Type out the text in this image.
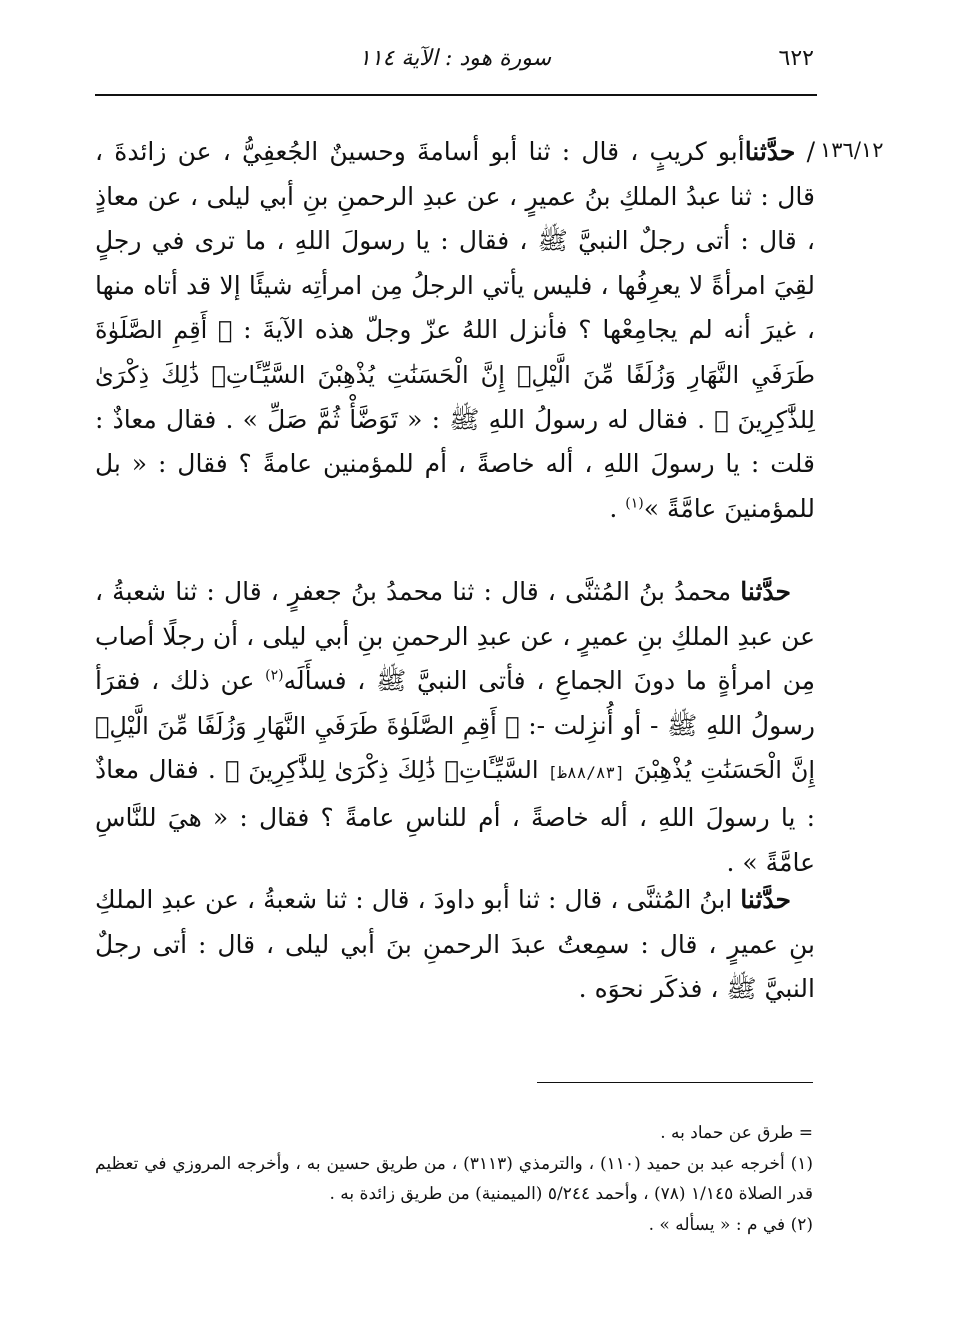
٦٢٢
سورة هود : الآية ١١٤
١٣٦/١٢

/ حدَّثناأبو كريبٍ ، قال : ثنا أبو أسامةَ وحسينٌ الجُعفِيُّ ، عن زائدةَ ، قال : ثنا عبدُ الملكِ بنُ عميرٍ ، عن عبدِ الرحمنِ بنِ أبي ليلى ، عن معاذٍ ، قال : أتى رجلٌ النبيَّ ﷺ ، فقال : يا رسولَ اللهِ ، ما ترى في رجلٍ لقِيَ امرأةً لا يعرِفُها ، فليس يأتي الرجلُ مِن امرأتِه شيئًا إلا قد أتاه منها ، غيرَ أنه لم يجامِعْها ؟ فأنزل اللهُ عزّ وجلّ هذه الآيةَ : ﴿ أَقِمِ الصَّلَوٰةَ طَرَفَيِ النَّهَارِ وَزُلَفًا مِّنَ الَّيْلِۚ إِنَّ الْحَسَنَٰتِ يُذْهِبْنَ السَّيِّـَٔاتِۚ ذَٰلِكَ ذِكْرَىٰ لِلذَّٰكِرِينَ ﴾ . فقال له رسولُ اللهِ ﷺ : « تَوَضَّأْ ثُمَّ صَلِّ » . فقال معاذٌ : قلت : يا رسولَ اللهِ ، أله خاصةً ، أم للمؤمنين عامةً ؟ فقال : « بل للمؤمنينَ عامَّةً »$^{(١)}$ .

حدَّثنا محمدُ بنُ المُثنَّى ، قال : ثنا محمدُ بنُ جعفرٍ ، قال : ثنا شعبةُ ، عن عبدِ الملكِ بنِ عميرٍ ، عن عبدِ الرحمنِ بنِ أبي ليلى ، أن رجلًا أصاب مِن امرأةٍ ما دونَ الجماعِ ، فأتى النبيَّ ﷺ ، فسأَلَه$^{(٢)}$ عن ذلك ، فقرَأ رسولُ اللهِ ﷺ - أو أُنزِلت -: ﴿ أَقِمِ الصَّلَوٰةَ طَرَفَيِ النَّهَارِ وَزُلَفًا مِّنَ الَّيْلِۚ إِنَّ الْحَسَنَٰتِ يُذْهِبْنَ [٨٨/٨٣ظ] السَّيِّـَٔاتِۚ ذَٰلِكَ ذِكْرَىٰ لِلذَّٰكِرِينَ ﴾ . فقال معاذٌ : يا رسولَ اللهِ ، أله خاصةً ، أم للناسِ عامةً ؟ فقال : « هيَ للنَّاسِ عامَّةً » .

حدَّثنا ابنُ المُثنَّى ، قال : ثنا أبو داودَ ، قال : ثنا شعبةُ ، عن عبدِ الملكِ بنِ عميرٍ ، قال : سمِعتُ عبدَ الرحمنِ بنَ أبي ليلى ، قال : أتى رجلٌ النبيَّ ﷺ ، فذكَر نحوَه .

= طرق عن حماد به .

(١) أخرجه عبد بن حميد (١١٠) ، والترمذي (٣١١٣) ، من طريق حسين به ، وأخرجه المروزي في تعظيم قدر الصلاة ١/١٤٥ (٧٨) ، وأحمد ٥/٢٤٤ (الميمنية) من طريق زائدة به .

(٢) في م : « يسأله » .
